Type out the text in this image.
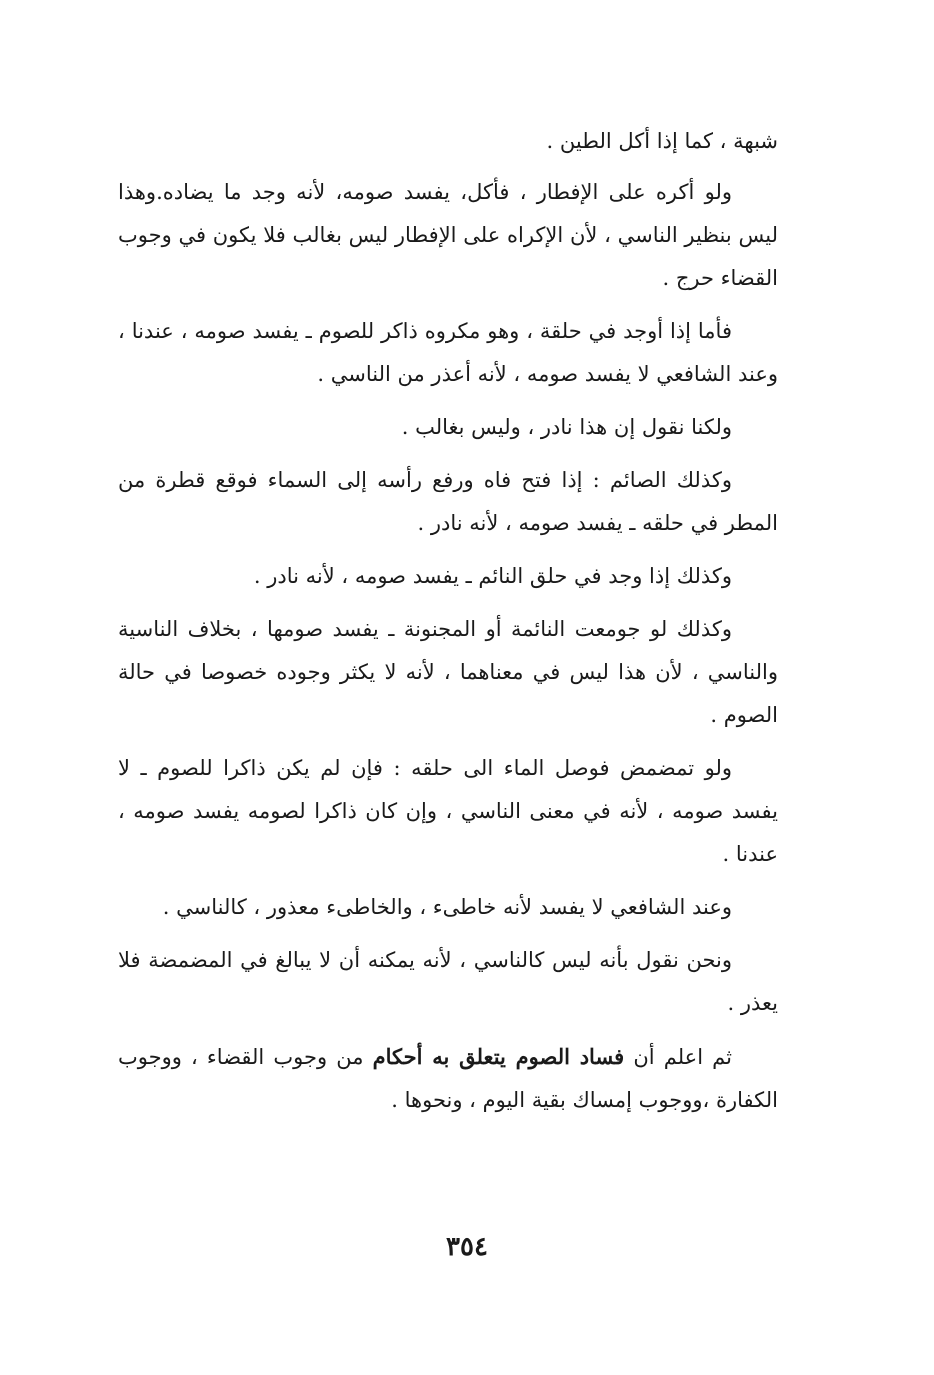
شبهة ، كما إذا أكل الطين .

ولو أكره على الإفطار ، فأكل، يفسد صومه، لأنه وجد ما يضاده.وهذا ليس بنظير الناسي ، لأن الإكراه على الإفطار ليس بغالب فلا يكون في وجوب القضاء حرج .

فأما إذا أوجد في حلقة ، وهو مكروه ذاكر للصوم ـ يفسد صومه ، عندنا ، وعند الشافعي لا يفسد صومه ، لأنه أعذر من الناسي .

ولكنا نقول إن هذا نادر ، وليس بغالب .

وكذلك الصائم : إذا فتح فاه ورفع رأسه إلى السماء فوقع قطرة من المطر في حلقه ـ يفسد صومه ، لأنه نادر .

وكذلك إذا وجد في حلق النائم ـ يفسد صومه ، لأنه نادر .

وكذلك لو جومعت النائمة أو المجنونة ـ يفسد صومها ، بخلاف الناسية والناسي ، لأن هذا ليس في معناهما ، لأنه لا يكثر وجوده خصوصا في حالة الصوم .

ولو تمضمض فوصل الماء الى حلقه : فإن لم يكن ذاكرا للصوم ـ لا يفسد صومه ، لأنه في معنى الناسي ، وإن كان ذاكرا لصومه يفسد صومه ، عندنا .

وعند الشافعي لا يفسد لأنه خاطىء ، والخاطىء معذور ، كالناسي .

ونحن نقول بأنه ليس كالناسي ، لأنه يمكنه أن لا يبالغ في المضمضة فلا يعذر .

ثم اعلم أن فساد الصوم يتعلق به أحكام من وجوب القضاء ، ووجوب الكفارة ،ووجوب إمساك بقية اليوم ، ونحوها .

٣٥٤
